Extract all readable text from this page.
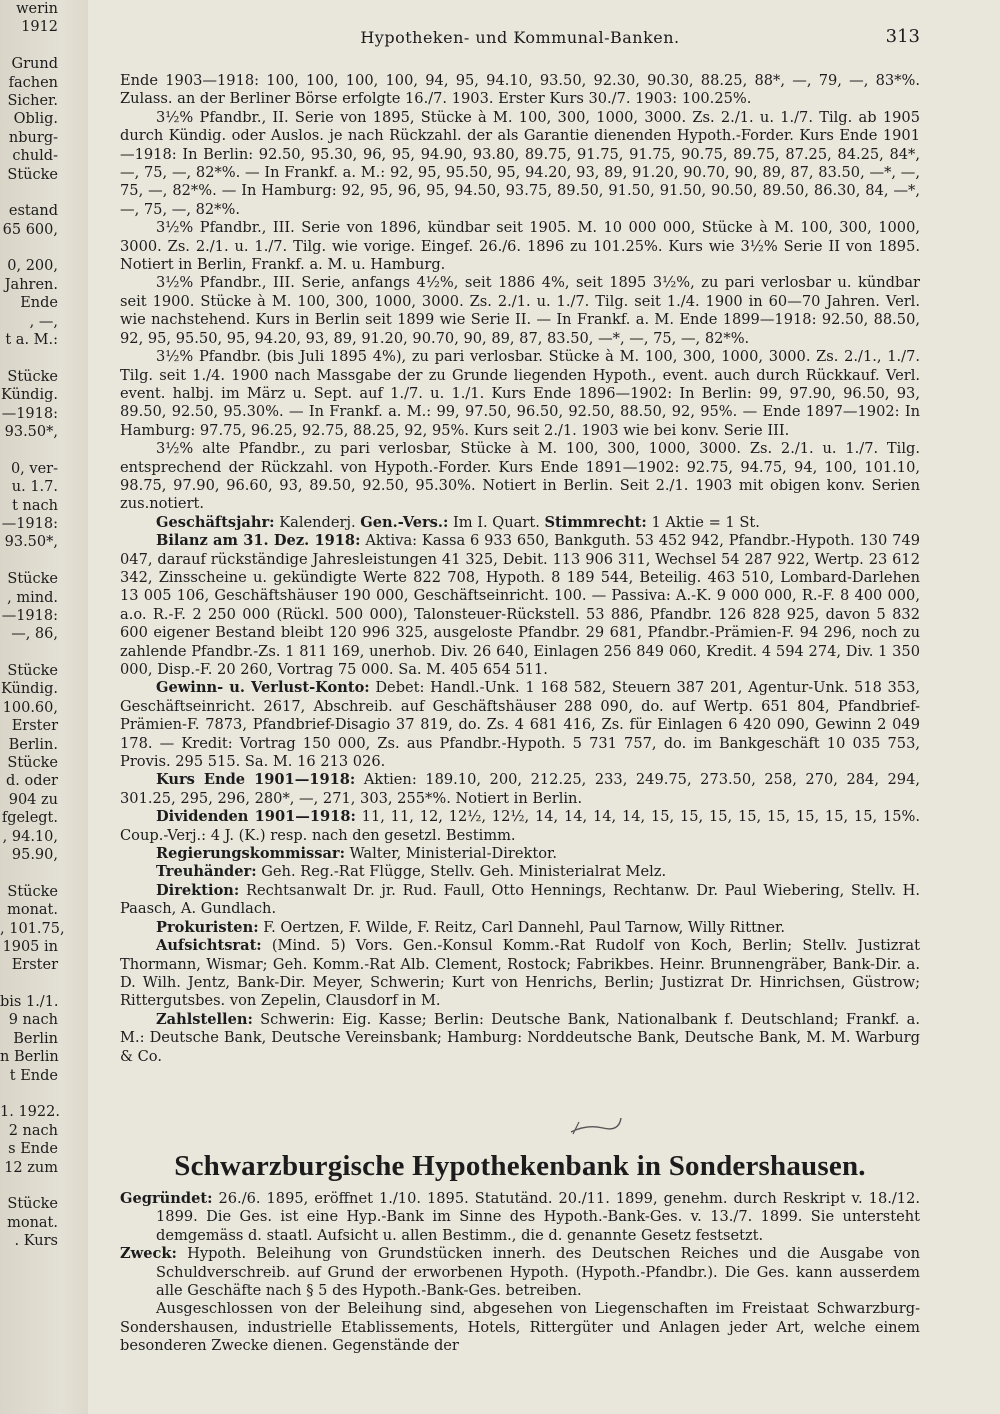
werin
1912
Grund
fachen
Sicher.
Oblig.
nburg-
chuld-
Stücke
estand
65 600,
0, 200,
Jahren.
Ende
, —,
t a. M.:
Stücke
Kündig.
—1918:
93.50*,
0, ver-
u. 1.7.
t nach
—1918:
93.50*,
Stücke
, mind.
—1918:
—, 86,
Stücke
Kündig.
100.60,
Erster
Berlin.
Stücke
d. oder
904 zu
fgelegt.
, 94.10,
95.90,
Stücke
monat.
, 101.75,
1905 in
Erster
bis 1./1.
9 nach
Berlin
n Berlin
t Ende
1. 1922.
2 nach
s Ende
12 zum
Stücke
monat.
. Kurs
Hypotheken- und Kommunal-Banken.	313

Ende 1903—1918: 100, 100, 100, 100, 94, 95, 94.10, 93.50, 92.30, 90.30, 88.25, 88*, —, 79, —, 83*%. Zulass. an der Berliner Börse erfolgte 16./7. 1903. Erster Kurs 30./7. 1903: 100.25%.

3½% Pfandbr., II. Serie von 1895, Stücke à M. 100, 300, 1000, 3000. Zs. 2./1. u. 1./7. Tilg. ab 1905 durch Kündig. oder Auslos. je nach Rückzahl. der als Garantie dienenden Hypoth.-Forder. Kurs Ende 1901—1918: In Berlin: 92.50, 95.30, 96, 95, 94.90, 93.80, 89.75, 91.75, 91.75, 90.75, 89.75, 87.25, 84.25, 84*, —, 75, —, 82*%. — In Frankf. a. M.: 92, 95, 95.50, 95, 94.20, 93, 89, 91.20, 90.70, 90, 89, 87, 83.50, —*, —, 75, —, 82*%. — In Hamburg: 92, 95, 96, 95, 94.50, 93.75, 89.50, 91.50, 91.50, 90.50, 89.50, 86.30, 84, —*, —, 75, —, 82*%.

3½% Pfandbr., III. Serie von 1896, kündbar seit 1905. M. 10 000 000, Stücke à M. 100, 300, 1000, 3000. Zs. 2./1. u. 1./7. Tilg. wie vorige. Eingef. 26./6. 1896 zu 101.25%. Kurs wie 3½% Serie II von 1895. Notiert in Berlin, Frankf. a. M. u. Hamburg.

3½% Pfandbr., III. Serie, anfangs 4½%, seit 1886 4%, seit 1895 3½%, zu pari verlosbar u. kündbar seit 1900. Stücke à M. 100, 300, 1000, 3000. Zs. 2./1. u. 1./7. Tilg. seit 1./4. 1900 in 60—70 Jahren. Verl. wie nachstehend. Kurs in Berlin seit 1899 wie Serie II. — In Frankf. a. M. Ende 1899—1918: 92.50, 88.50, 92, 95, 95.50, 95, 94.20, 93, 89, 91.20, 90.70, 90, 89, 87, 83.50, —*, —, 75, —, 82*%.

3½% Pfandbr. (bis Juli 1895 4%), zu pari verlosbar. Stücke à M. 100, 300, 1000, 3000. Zs. 2./1., 1./7. Tilg. seit 1./4. 1900 nach Massgabe der zu Grunde liegenden Hypoth., event. auch durch Rückkauf. Verl. event. halbj. im März u. Sept. auf 1./7. u. 1./1. Kurs Ende 1896—1902: In Berlin: 99, 97.90, 96.50, 93, 89.50, 92.50, 95.30%. — In Frankf. a. M.: 99, 97.50, 96.50, 92.50, 88.50, 92, 95%. — Ende 1897—1902: In Hamburg: 97.75, 96.25, 92.75, 88.25, 92, 95%. Kurs seit 2./1. 1903 wie bei konv. Serie III.

3½% alte Pfandbr., zu pari verlosbar, Stücke à M. 100, 300, 1000, 3000. Zs. 2./1. u. 1./7. Tilg. entsprechend der Rückzahl. von Hypoth.-Forder. Kurs Ende 1891—1902: 92.75, 94.75, 94, 100, 101.10, 98.75, 97.90, 96.60, 93, 89.50, 92.50, 95.30%. Notiert in Berlin. Seit 2./1. 1903 mit obigen konv. Serien zus.notiert.

Geschäftsjahr: Kalenderj. Gen.-Vers.: Im I. Quart. Stimmrecht: 1 Aktie = 1 St.

Bilanz am 31. Dez. 1918: Aktiva: Kassa 6 933 650, Bankguth. 53 452 942, Pfandbr.-Hypoth. 130 749 047, darauf rückständige Jahresleistungen 41 325, Debit. 113 906 311, Wechsel 54 287 922, Wertp. 23 612 342, Zinsscheine u. gekündigte Werte 822 708, Hypoth. 8 189 544, Beteilig. 463 510, Lombard-Darlehen 13 005 106, Geschäftshäuser 190 000, Geschäftseinricht. 100. — Passiva: A.-K. 9 000 000, R.-F. 8 400 000, a.o. R.-F. 2 250 000 (Rückl. 500 000), Talonsteuer-Rückstell. 53 886, Pfandbr. 126 828 925, davon 5 832 600 eigener Bestand bleibt 120 996 325, ausgeloste Pfandbr. 29 681, Pfandbr.-Prämien-F. 94 296, noch zu zahlende Pfandbr.-Zs. 1 811 169, unerhob. Div. 26 640, Einlagen 256 849 060, Kredit. 4 594 274, Div. 1 350 000, Disp.-F. 20 260, Vortrag 75 000. Sa. M. 405 654 511.

Gewinn- u. Verlust-Konto: Debet: Handl.-Unk. 1 168 582, Steuern 387 201, Agentur-Unk. 518 353, Geschäftseinricht. 2617, Abschreib. auf Geschäftshäuser 288 090, do. auf Wertp. 651 804, Pfandbrief-Prämien-F. 7873, Pfandbrief-Disagio 37 819, do. Zs. 4 681 416, Zs. für Einlagen 6 420 090, Gewinn 2 049 178. — Kredit: Vortrag 150 000, Zs. aus Pfandbr.-Hypoth. 5 731 757, do. im Bankgeschäft 10 035 753, Provis. 295 515. Sa. M. 16 213 026.

Kurs Ende 1901—1918: Aktien: 189.10, 200, 212.25, 233, 249.75, 273.50, 258, 270, 284, 294, 301.25, 295, 296, 280*, —, 271, 303, 255*%. Notiert in Berlin.

Dividenden 1901—1918: 11, 11, 12, 12½, 12½, 14, 14, 14, 14, 15, 15, 15, 15, 15, 15, 15, 15, 15%. Coup.-Verj.: 4 J. (K.) resp. nach den gesetzl. Bestimm.

Regierungskommissar: Walter, Ministerial-Direktor.

Treuhänder: Geh. Reg.-Rat Flügge, Stellv. Geh. Ministerialrat Melz.

Direktion: Rechtsanwalt Dr. jr. Rud. Faull, Otto Hennings, Rechtanw. Dr. Paul Wiebering, Stellv. H. Paasch, A. Gundlach.

Prokuristen: F. Oertzen, F. Wilde, F. Reitz, Carl Dannehl, Paul Tarnow, Willy Rittner.

Aufsichtsrat: (Mind. 5) Vors. Gen.-Konsul Komm.-Rat Rudolf von Koch, Berlin; Stellv. Justizrat Thormann, Wismar; Geh. Komm.-Rat Alb. Clement, Rostock; Fabrikbes. Heinr. Brunnengräber, Bank-Dir. a. D. Wilh. Jentz, Bank-Dir. Meyer, Schwerin; Kurt von Henrichs, Berlin; Justizrat Dr. Hinrichsen, Güstrow; Rittergutsbes. von Zepelin, Clausdorf in M.

Zahlstellen: Schwerin: Eig. Kasse; Berlin: Deutsche Bank, Nationalbank f. Deutschland; Frankf. a. M.: Deutsche Bank, Deutsche Vereinsbank; Hamburg: Norddeutsche Bank, Deutsche Bank, M. M. Warburg & Co.

Schwarzburgische Hypothekenbank in Sondershausen.

Gegründet: 26./6. 1895, eröffnet 1./10. 1895. Statutänd. 20./11. 1899, genehm. durch Reskript v. 18./12. 1899. Die Ges. ist eine Hyp.-Bank im Sinne des Hypoth.-Bank-Ges. v. 13./7. 1899. Sie untersteht demgemäss d. staatl. Aufsicht u. allen Bestimm., die d. genannte Gesetz festsetzt.

Zweck: Hypoth. Beleihung von Grundstücken innerh. des Deutschen Reiches und die Ausgabe von Schuldverschreib. auf Grund der erworbenen Hypoth. (Hypoth.-Pfandbr.). Die Ges. kann ausserdem alle Geschäfte nach § 5 des Hypoth.-Bank-Ges. betreiben.

Ausgeschlossen von der Beleihung sind, abgesehen von Liegenschaften im Freistaat Schwarzburg-Sondershausen, industrielle Etablissements, Hotels, Rittergüter und Anlagen jeder Art, welche einem besonderen Zwecke dienen. Gegenstände der
